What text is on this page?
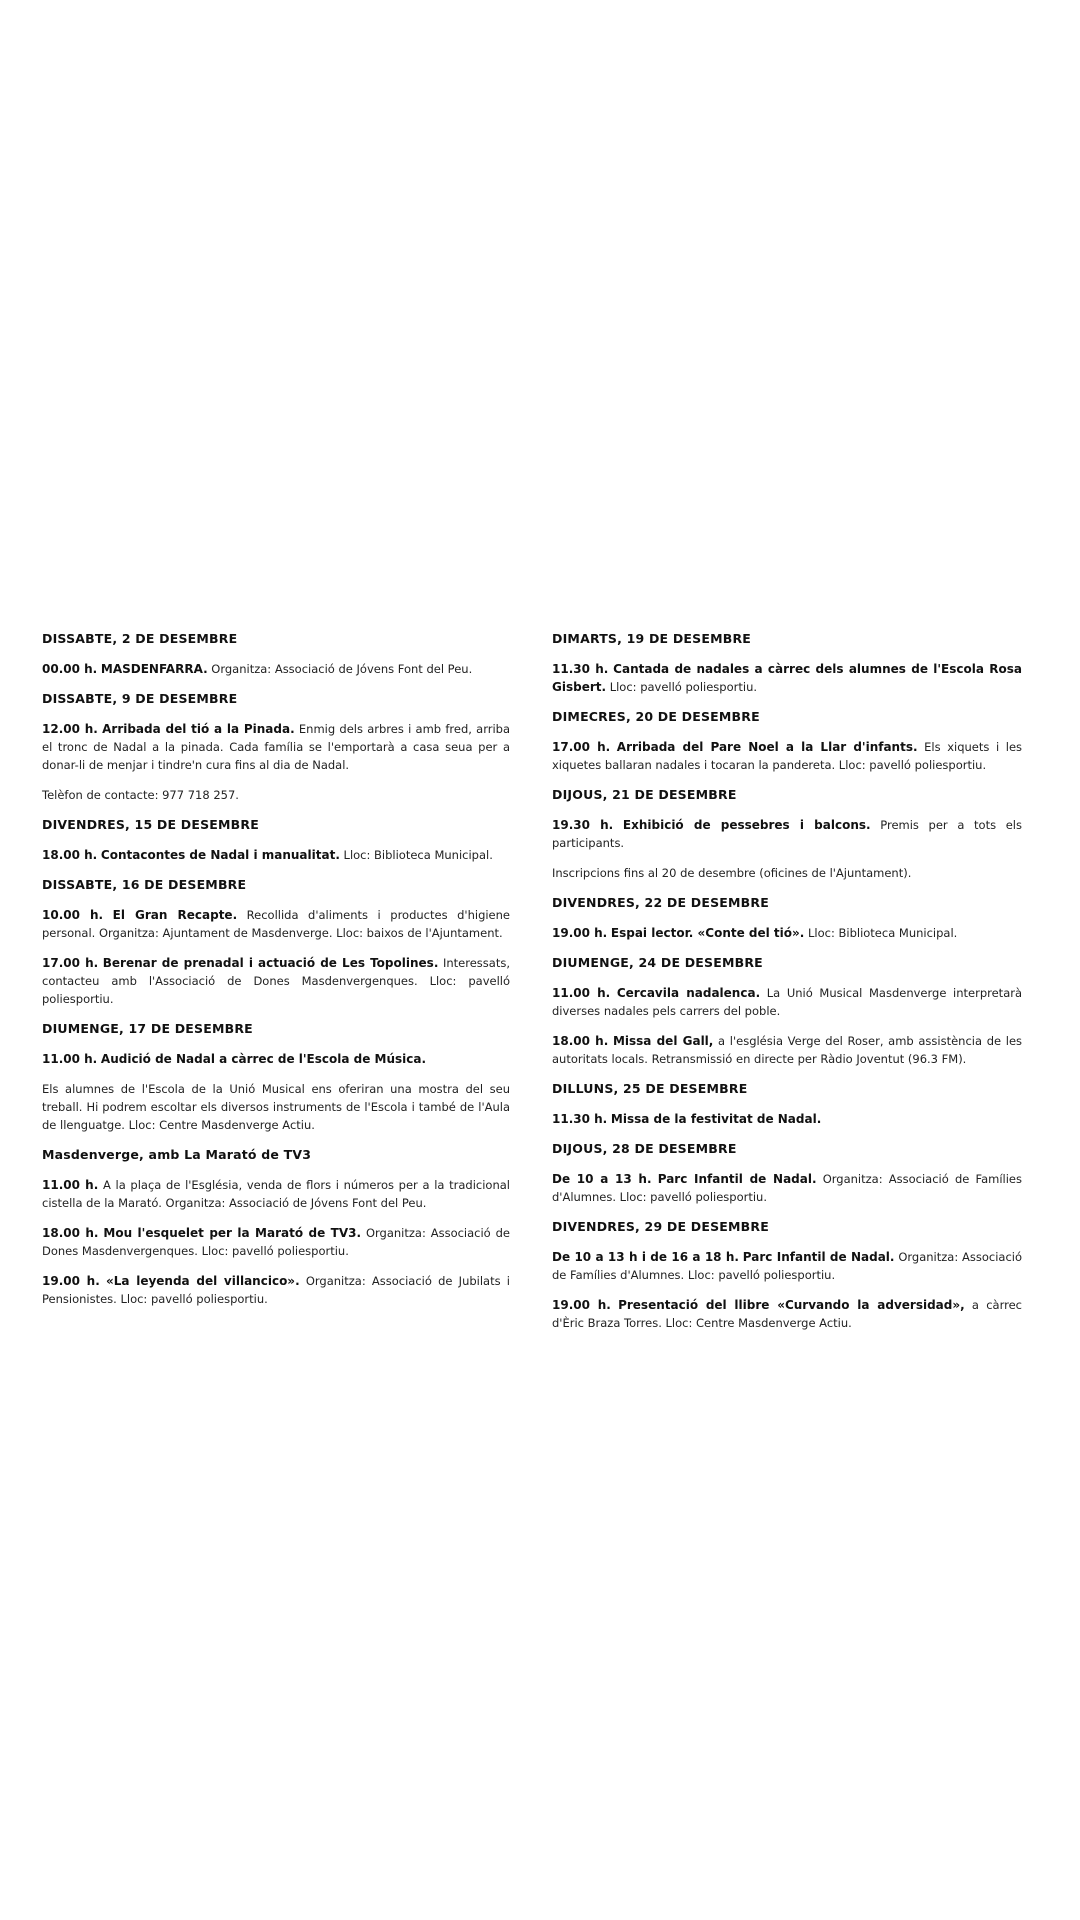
DISSABTE, 2 DE DESEMBRE
00.00 h. MASDENFARRA. Organitza: Associació de Jóvens Font del Peu.
DISSABTE, 9 DE DESEMBRE
12.00 h. Arribada del tió a la Pinada. Enmig dels arbres i amb fred, arriba el tronc de Nadal a la pinada. Cada família se l'emportarà a casa seua per a donar-li de menjar i tindre'n cura fins al dia de Nadal.
Telèfon de contacte: 977 718 257.
DIVENDRES, 15 DE DESEMBRE
18.00 h. Contacontes de Nadal i manualitat. Lloc: Biblioteca Municipal.
DISSABTE, 16 DE DESEMBRE
10.00 h. El Gran Recapte. Recollida d'aliments i productes d'higiene personal. Organitza: Ajuntament de Masdenverge. Lloc: baixos de l'Ajuntament.
17.00 h. Berenar de prenadal i actuació de Les Topolines. Interessats, contacteu amb l'Associació de Dones Masdenvergenques. Lloc: pavelló poliesportiu.
DIUMENGE, 17 DE DESEMBRE
11.00 h. Audició de Nadal a càrrec de l'Escola de Música.
Els alumnes de l'Escola de la Unió Musical ens oferiran una mostra del seu treball. Hi podrem escoltar els diversos instruments de l'Escola i també de l'Aula de llenguatge. Lloc: Centre Masdenverge Actiu.
Masdenverge, amb La Marató de TV3
11.00 h. A la plaça de l'Església, venda de flors i números per a la tradicional cistella de la Marató. Organitza: Associació de Jóvens Font del Peu.
18.00 h. Mou l'esquelet per la Marató de TV3. Organitza: Associació de Dones Masdenvergenques. Lloc: pavelló poliesportiu.
19.00 h. «La leyenda del villancico». Organitza: Associació de Jubilats i Pensionistes. Lloc: pavelló poliesportiu.
DIMARTS, 19 DE DESEMBRE
11.30 h. Cantada de nadales a càrrec dels alumnes de l'Escola Rosa Gisbert. Lloc: pavelló poliesportiu.
DIMECRES, 20 DE DESEMBRE
17.00 h. Arribada del Pare Noel a la Llar d'infants. Els xiquets i les xiquetes ballaran nadales i tocaran la pandereta. Lloc: pavelló poliesportiu.
DIJOUS, 21 DE DESEMBRE
19.30 h. Exhibició de pessebres i balcons. Premis per a tots els participants.
Inscripcions fins al 20 de desembre (oficines de l'Ajuntament).
DIVENDRES, 22 DE DESEMBRE
19.00 h. Espai lector. «Conte del tió». Lloc: Biblioteca Municipal.
DIUMENGE, 24 DE DESEMBRE
11.00 h. Cercavila nadalenca. La Unió Musical Masdenverge interpretarà diverses nadales pels carrers del poble.
18.00 h. Missa del Gall, a l'església Verge del Roser, amb assistència de les autoritats locals. Retransmissió en directe per Ràdio Joventut (96.3 FM).
DILLUNS, 25 DE DESEMBRE
11.30 h. Missa de la festivitat de Nadal.
DIJOUS, 28 DE DESEMBRE
De 10 a 13 h. Parc Infantil de Nadal. Organitza: Associació de Famílies d'Alumnes. Lloc: pavelló poliesportiu.
DIVENDRES, 29 DE DESEMBRE
De 10 a 13 h i de 16 a 18 h. Parc Infantil de Nadal. Organitza: Associació de Famílies d'Alumnes. Lloc: pavelló poliesportiu.
19.00 h. Presentació del llibre «Curvando la adversidad», a càrrec d'Èric Braza Torres. Lloc: Centre Masdenverge Actiu.
